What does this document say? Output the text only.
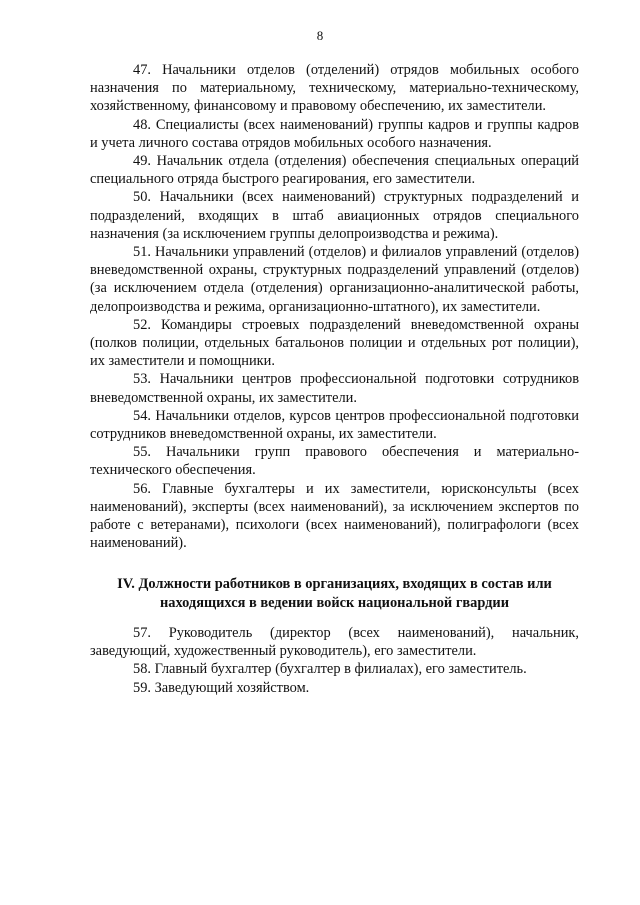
8

47. Начальники отделов (отделений) отрядов мобильных особого назначения по материальному, техническому, материально-техническому, хозяйственному, финансовому и правовому обеспечению, их заместители.

48. Специалисты (всех наименований) группы кадров и группы кадров и учета личного состава отрядов мобильных особого назначения.

49. Начальник отдела (отделения) обеспечения специальных операций специального отряда быстрого реагирования, его заместители.

50. Начальники (всех наименований) структурных подразделений и подразделений, входящих в штаб авиационных отрядов специального назначения (за исключением группы делопроизводства и режима).

51. Начальники управлений (отделов) и филиалов управлений (отделов) вневедомственной охраны, структурных подразделений управлений (отделов) (за исключением отдела (отделения) организационно-аналитической работы, делопроизводства и режима, организационно-штатного), их заместители.

52. Командиры строевых подразделений вневедомственной охраны (полков полиции, отдельных батальонов полиции и отдельных рот полиции), их заместители и помощники.

53. Начальники центров профессиональной подготовки сотрудников вневедомственной охраны, их заместители.

54. Начальники отделов, курсов центров профессиональной подготовки сотрудников вневедомственной охраны, их заместители.

55. Начальники групп правового обеспечения и материально-технического обеспечения.

56. Главные бухгалтеры и их заместители, юрисконсульты (всех наименований), эксперты (всех наименований), за исключением экспертов по работе с ветеранами), психологи (всех наименований), полиграфологи (всех наименований).

IV. Должности работников в организациях, входящих в состав или находящихся в ведении войск национальной гвардии

57. Руководитель (директор (всех наименований), начальник, заведующий, художественный руководитель), его заместители.

58. Главный бухгалтер (бухгалтер в филиалах), его заместитель.

59. Заведующий хозяйством.
